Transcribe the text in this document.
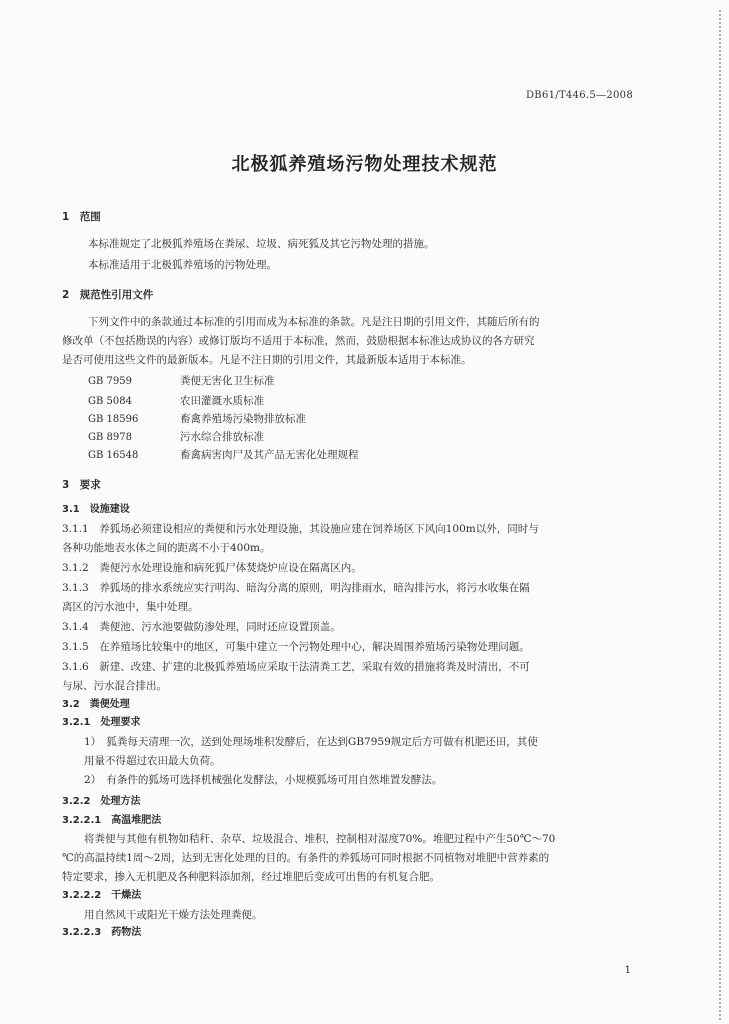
DB61/T446.5—2008
北极狐养殖场污物处理技术规范
1　范围
本标准规定了北极狐养殖场在粪尿、垃圾、病死狐及其它污物处理的措施。
本标准适用于北极狐养殖场的污物处理。
2　规范性引用文件
下列文件中的条款通过本标准的引用而成为本标准的条款。凡是注日期的引用文件，其随后所有的
修改单（不包括勘误的内容）或修订版均不适用于本标准，然而，鼓励根据本标准达成协议的各方研究
是否可使用这些文件的最新版本。凡是不注日期的引用文件，其最新版本适用于本标准。
GB 7959	粪便无害化卫生标准
GB 5084	农田灌溉水质标准
GB 18596	畜禽养殖场污染物排放标准
GB 8978	污水综合排放标准
GB 16548	畜禽病害肉尸及其产品无害化处理规程
3　要求
3.1　设施建设
3.1.1　养狐场必须建设相应的粪便和污水处理设施，其设施应建在饲养场区下风向100m以外，同时与
各种功能地表水体之间的距离不小于400m。
3.1.2　粪便污水处理设施和病死狐尸体焚烧炉应设在隔离区内。
3.1.3　养狐场的排水系统应实行明沟、暗沟分离的原则，明沟排雨水，暗沟排污水，将污水收集在隔
离区的污水池中，集中处理。
3.1.4　粪便池、污水池要做防渗处理，同时还应设置顶盖。
3.1.5　在养殖场比较集中的地区，可集中建立一个污物处理中心，解决周围养殖场污染物处理问题。
3.1.6　新建、改建、扩建的北极狐养殖场应采取干法清粪工艺，采取有效的措施将粪及时清出，不可
与尿、污水混合排出。
3.2　粪便处理
3.2.1　处理要求
1）　狐粪每天清理一次，送到处理场堆积发酵后，在达到GB7959规定后方可做有机肥还田，其使
用量不得超过农田最大负荷。
2）　有条件的狐场可选择机械强化发酵法，小规模狐场可用自然堆置发酵法。
3.2.2　处理方法
3.2.2.1　高温堆肥法
将粪便与其他有机物如秸秆、杂草、垃圾混合、堆积，控制相对湿度70%。堆肥过程中产生50℃～70
℃的高温持续1周～2周，达到无害化处理的目的。有条件的养狐场可同时根据不同植物对堆肥中营养素的
特定要求，掺入无机肥及各种肥料添加剂，经过堆肥后变成可出售的有机复合肥。
3.2.2.2　干燥法
用自然风干或阳光干燥方法处理粪便。
3.2.2.3　药物法
1
